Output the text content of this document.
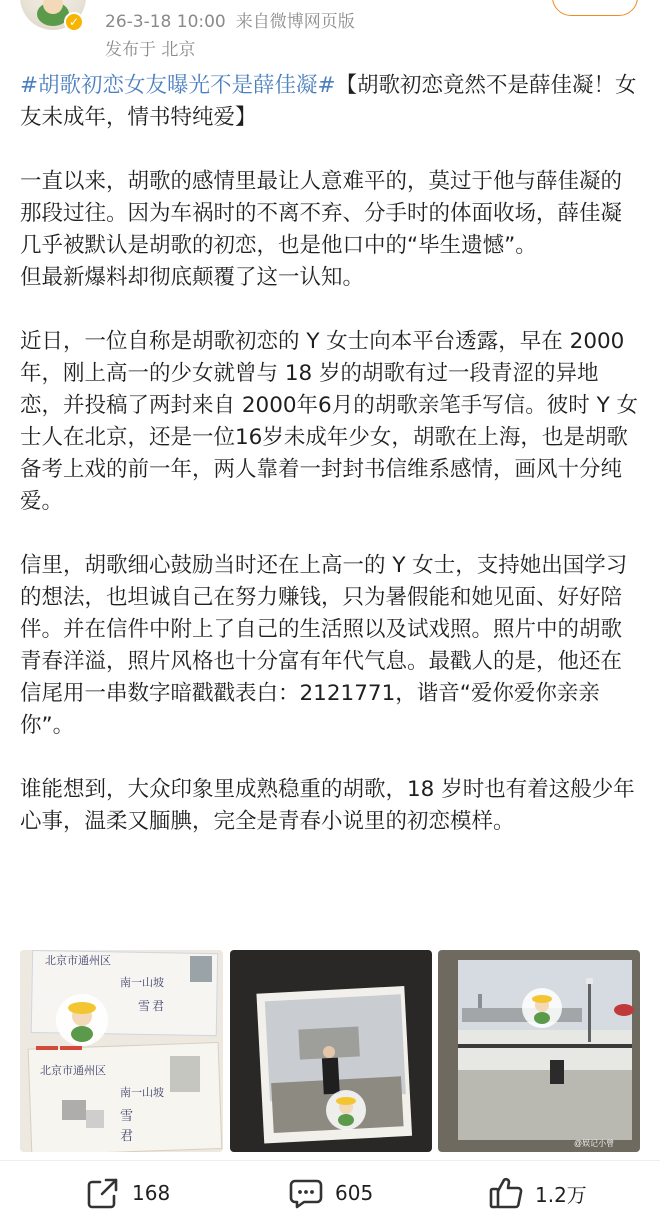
✓ 26-3-18 10:00 来自微博网页版
发布于 北京

#胡歌初恋女友曝光不是薛佳凝#【胡歌初恋竟然不是薛佳凝！女友未成年，情书特纯爱】

一直以来，胡歌的感情里最让人意难平的，莫过于他与薛佳凝的那段过往。因为车祸时的不离不弃、分手时的体面收场，薛佳凝几乎被默认是胡歌的初恋，也是他口中的“毕生遗憾”。

但最新爆料却彻底颠覆了这一认知。

近日，一位自称是胡歌初恋的 Y 女士向本平台透露，早在 2000 年，刚上高一的少女就曾与 18 岁的胡歌有过一段青涩的异地恋，并投稿了两封来自 2000年6月的胡歌亲笔手写信。彼时 Y 女士人在北京，还是一位16岁未成年少女，胡歌在上海，也是胡歌备考上戏的前一年，两人靠着一封封书信维系感情，画风十分纯爱。

信里，胡歌细心鼓励当时还在上高一的 Y 女士，支持她出国学习的想法，也坦诚自己在努力赚钱，只为暑假能和她见面、好好陪伴。并在信件中附上了自己的生活照以及试戏照。照片中的胡歌青春洋溢，照片风格也十分富有年代气息。最戳人的是，他还在信尾用一串数字暗戳戳表白：2121771，谐音“爱你爱你亲亲你”。

谁能想到，大众印象里成熟稳重的胡歌，18 岁时也有着这般少年心事，温柔又腼腆，完全是青春小说里的初恋模样。

北京市通州区
南一山坡
雪 君
北京市通州区
南一山坡
雪
君
@娱记小曾
168	605	1.2万
